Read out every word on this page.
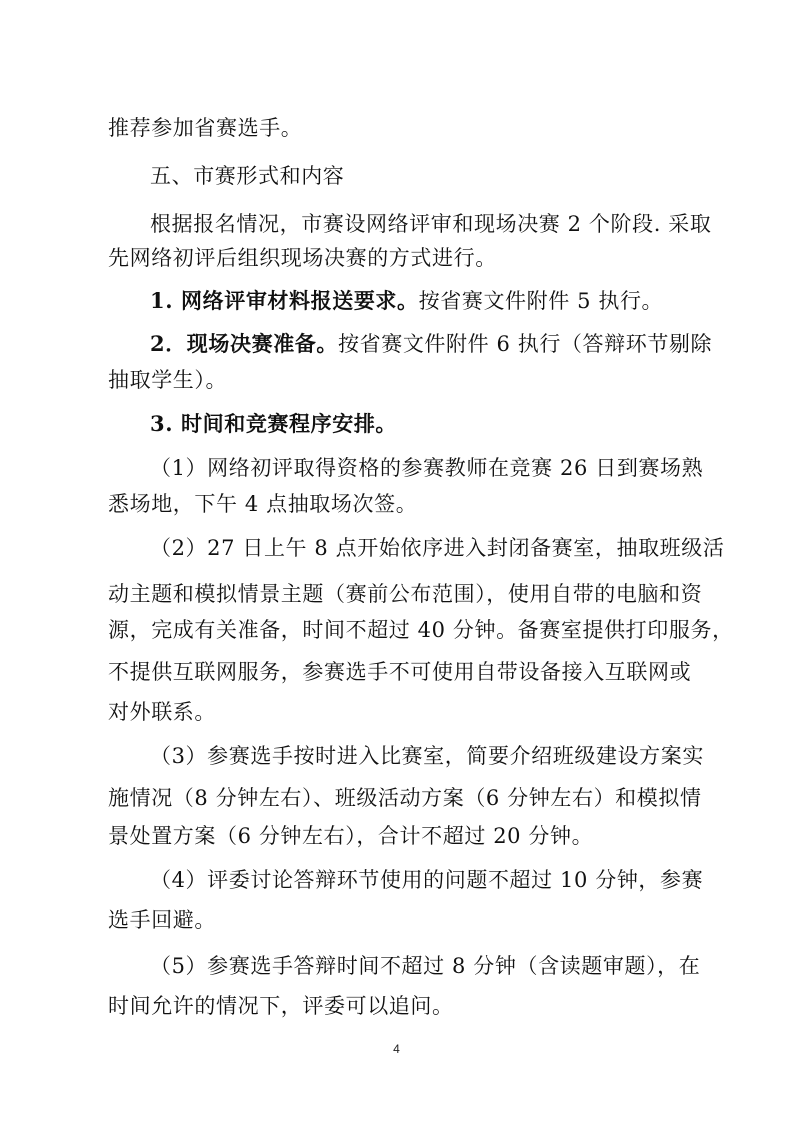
推荐参加省赛选手。
五、市赛形式和内容
根据报名情况，市赛设网络评审和现场决赛 2 个阶段. 采取
先网络初评后组织现场决赛的方式进行。
1. 网络评审材料报送要求。按省赛文件附件 5 执行。
2．现场决赛准备。按省赛文件附件 6 执行（答辩环节剔除
抽取学生）。
3. 时间和竞赛程序安排。
（1）网络初评取得资格的参赛教师在竞赛 26 日到赛场熟
悉场地，下午 4 点抽取场次签。
（2）27 日上午 8 点开始依序进入封闭备赛室，抽取班级活
动主题和模拟情景主题（赛前公布范围），使用自带的电脑和资
源，完成有关准备，时间不超过 40 分钟。备赛室提供打印服务，
不提供互联网服务，参赛选手不可使用自带设备接入互联网或
对外联系。
（3）参赛选手按时进入比赛室，简要介绍班级建设方案实
施情况（8 分钟左右）、班级活动方案（6 分钟左右）和模拟情
景处置方案（6 分钟左右），合计不超过 20 分钟。
（4）评委讨论答辩环节使用的问题不超过 10 分钟，参赛
选手回避。
（5）参赛选手答辩时间不超过 8 分钟（含读题审题），在
时间允许的情况下，评委可以追问。
4
